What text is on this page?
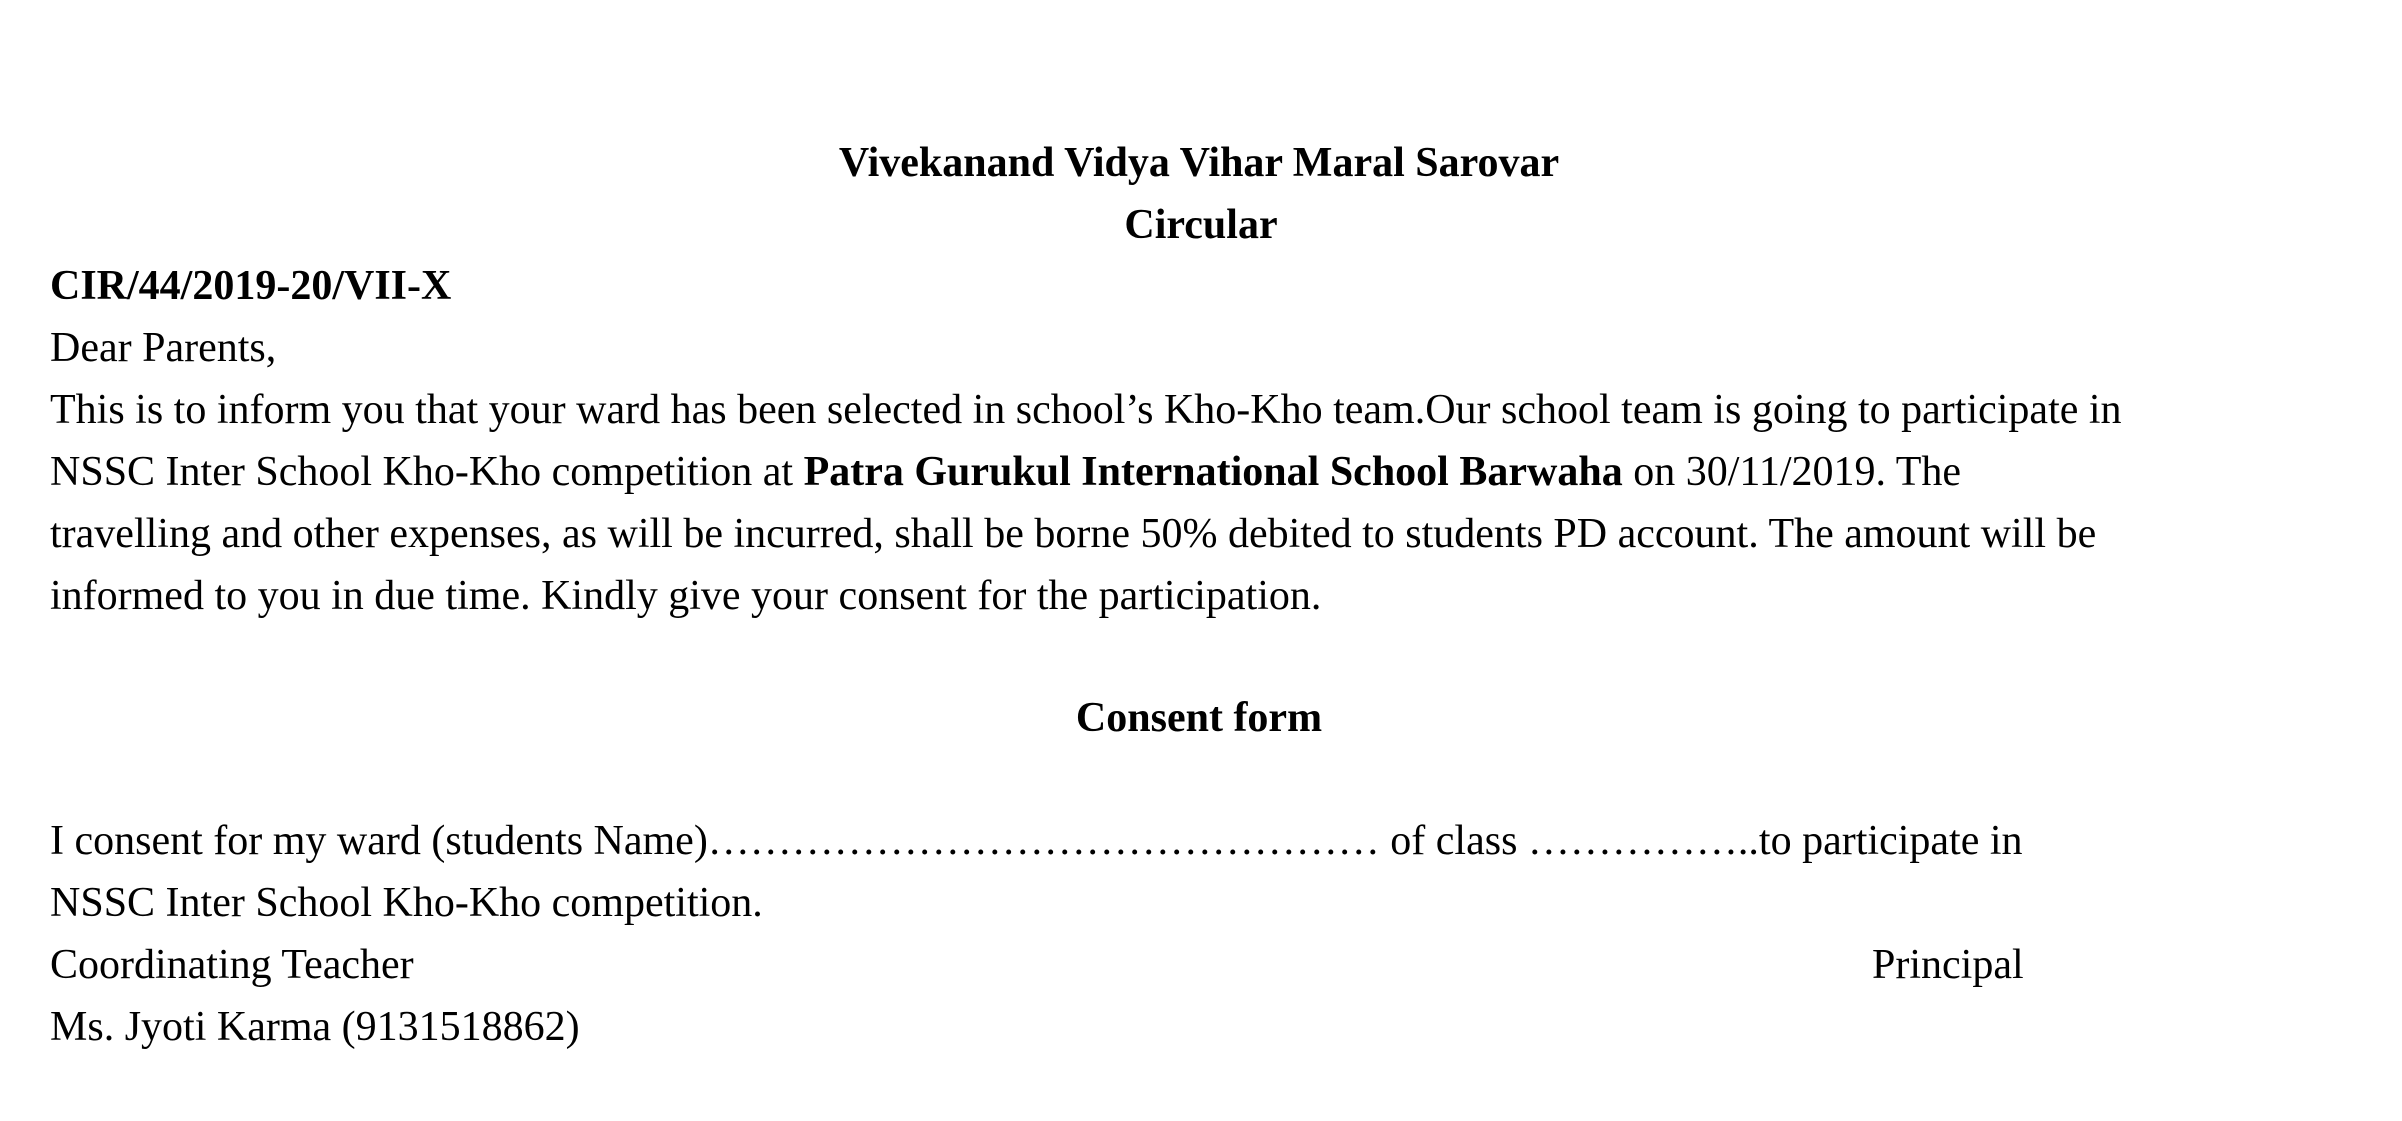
Vivekanand Vidya Vihar Maral Sarovar
Circular
CIR/44/2019-20/VII-X
Dear Parents,
This is to inform you that your ward has been selected in school’s Kho-Kho team.Our school team is going to participate in
NSSC Inter School Kho-Kho competition at Patra Gurukul International School Barwaha on 30/11/2019. The
travelling and other expenses, as will be incurred, shall be borne 50% debited to students PD account. The amount will be
informed to you in due time. Kindly give your consent for the participation.
Consent form
I consent for my ward (students Name)………………………………………… of class ……………..to participate in
NSSC Inter School Kho-Kho competition.
Coordinating Teacher	Principal
Ms. Jyoti Karma (9131518862)
